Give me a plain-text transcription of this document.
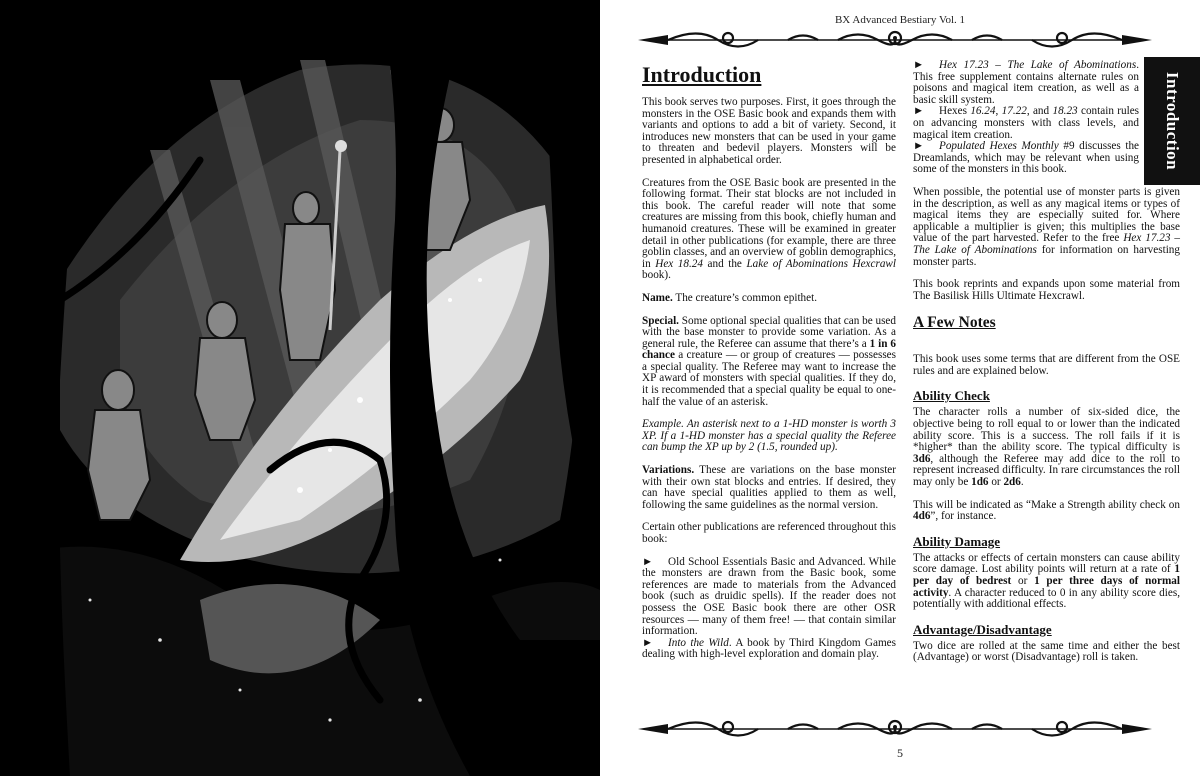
BX Advanced Bestiary Vol. 1
Introduction
Introduction

This book serves two purposes. First, it goes through the monsters in the OSE Basic book and expands them with variants and options to add a bit of variety. Second, it introduces new monsters that can be used in your game to threaten and bedevil players. Monsters will be presented in alphabetical order.

Creatures from the OSE Basic book are presented in the following format. Their stat blocks are not included in this book. The careful reader will note that some creatures are missing from this book, chiefly human and humanoid creatures. These will be examined in greater detail in other publications (for example, there are three goblin classes, and an overview of goblin demographics, in Hex 18.24 and the Lake of Abominations Hexcrawl book).

Name. The creature’s common epithet.

Special. Some optional special qualities that can be used with the base monster to provide some variation. As a general rule, the Referee can assume that there’s a 1 in 6 chance a creature — or group of creatures — possesses a special quality. The Referee may want to increase the XP award of monsters with special qualities. If they do, it is recommended that a special quality be equal to one-half the value of an asterisk.

Example. An asterisk next to a 1-HD monster is worth 3 XP. If a 1-HD monster has a special quality the Referee can bump the XP up by 2 (1.5, rounded up).

Variations. These are variations on the base monster with their own stat blocks and entries. If desired, they can have special qualities applied to them as well, following the same guidelines as the normal version.

Certain other publications are referenced throughout this book:

► Old School Essentials Basic and Advanced. While the monsters are drawn from the Basic book, some references are made to materials from the Advanced book (such as druidic spells). If the reader does not possess the OSE Basic book there are other OSR resources — many of them free! — that contain similar information.

► Into the Wild. A book by Third Kingdom Games dealing with high-level exploration and domain play.

► Hex 17.23 – The Lake of Abominations. This free supplement contains alternate rules on poisons and magical item creation, as well as a basic skill system.

► Hexes 16.24, 17.22, and 18.23 contain rules on advancing monsters with class levels, and magical item creation.

► Populated Hexes Monthly #9 discusses the Dreamlands, which may be relevant when using some of the monsters in this book.

When possible, the potential use of monster parts is given in the description, as well as any magical items or types of magical items they are especially suited for. Where applicable a multiplier is given; this multiplies the base value of the part harvested. Refer to the free Hex 17.23 – The Lake of Abominations for information on harvesting monster parts.

This book reprints and expands upon some material from The Basilisk Hills Ultimate Hexcrawl.

A Few Notes

This book uses some terms that are different from the OSE rules and are explained below.

Ability Check

The character rolls a number of six-sided dice, the objective being to roll equal to or lower than the indicated ability score. This is a success. The roll fails if it is *higher* than the ability score. The typical difficulty is 3d6, although the Referee may add dice to the roll to represent increased difficulty. In rare circumstances the roll may only be 1d6 or 2d6.

This will be indicated as “Make a Strength ability check on 4d6”, for instance.

Ability Damage

The attacks or effects of certain monsters can cause ability score damage. Lost ability points will return at a rate of 1 per day of bedrest or 1 per three days of normal activity. A character reduced to 0 in any ability score dies, potentially with additional effects.

Advantage/Disadvantage

Two dice are rolled at the same time and either the best (Advantage) or worst (Disadvantage) roll is taken.

5
